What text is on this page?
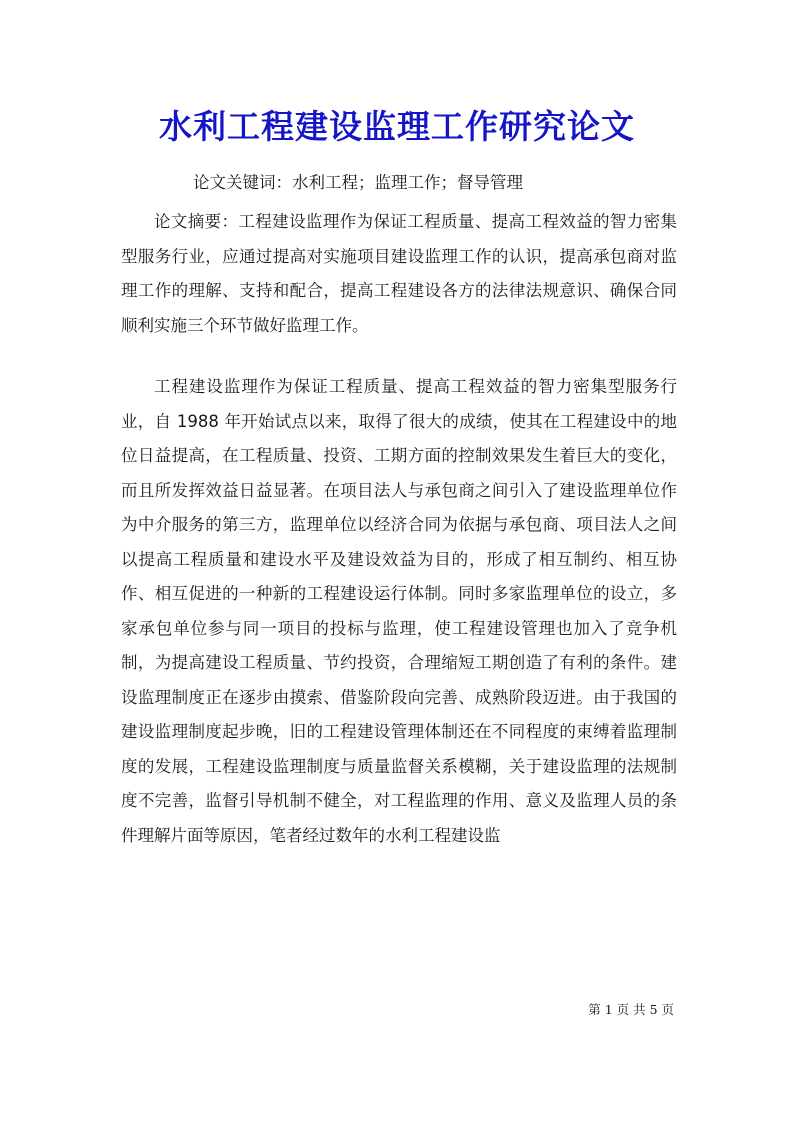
水利工程建设监理工作研究论文
论文关键词：水利工程；监理工作；督导管理

论文摘要：工程建设监理作为保证工程质量、提高工程效益的智力密集型服务行业，应通过提高对实施项目建设监理工作的认识，提高承包商对监理工作的理解、支持和配合，提高工程建设各方的法律法规意识、确保合同顺利实施三个环节做好监理工作。

工程建设监理作为保证工程质量、提高工程效益的智力密集型服务行业，自 1988 年开始试点以来，取得了很大的成绩，使其在工程建设中的地位日益提高，在工程质量、投资、工期方面的控制效果发生着巨大的变化，而且所发挥效益日益显著。在项目法人与承包商之间引入了建设监理单位作为中介服务的第三方，监理单位以经济合同为依据与承包商、项目法人之间以提高工程质量和建设水平及建设效益为目的，形成了相互制约、相互协作、相互促进的一种新的工程建设运行体制。同时多家监理单位的设立，多家承包单位参与同一项目的投标与监理，使工程建设管理也加入了竞争机制，为提高建设工程质量、节约投资，合理缩短工期创造了有利的条件。建设监理制度正在逐步由摸索、借鉴阶段向完善、成熟阶段迈进。由于我国的建设监理制度起步晚，旧的工程建设管理体制还在不同程度的束缚着监理制度的发展，工程建设监理制度与质量监督关系模糊，关于建设监理的法规制度不完善，监督引导机制不健全，对工程监理的作用、意义及监理人员的条件理解片面等原因，笔者经过数年的水利工程建设监

第 1 页 共 5 页
